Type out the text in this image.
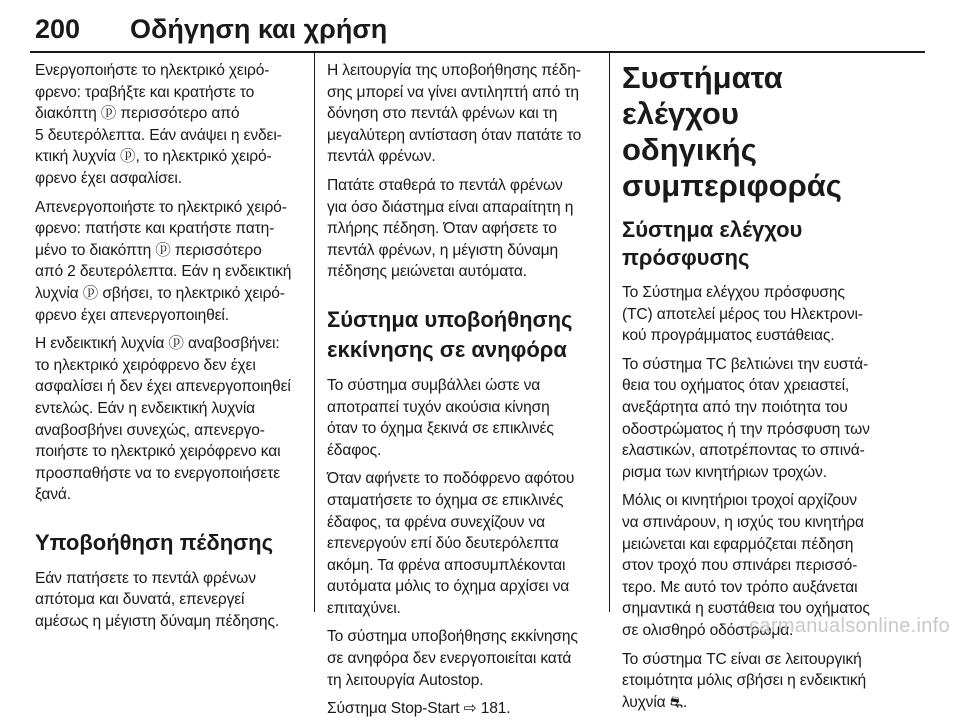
200 Οδήγηση και χρήση

Ενεργοποιήστε το ηλεκτρικό χειρό-
φρενο: τραβήξτε και κρατήστε το
διακόπτη ⓟ περισσότερο από
5 δευτερόλεπτα. Εάν ανάψει η ενδει-
κτική λυχνία ⓟ, το ηλεκτρικό χειρό-
φρενο έχει ασφαλίσει.

Απενεργοποιήστε το ηλεκτρικό χειρό-
φρενο: πατήστε και κρατήστε πατη-
μένο το διακόπτη ⓟ περισσότερο
από 2 δευτερόλεπτα. Εάν η ενδεικτική
λυχνία ⓟ σβήσει, το ηλεκτρικό χειρό-
φρενο έχει απενεργοποιηθεί.

Η ενδεικτική λυχνία ⓟ αναβοσβήνει:
το ηλεκτρικό χειρόφρενο δεν έχει
ασφαλίσει ή δεν έχει απενεργοποιηθεί
εντελώς. Εάν η ενδεικτική λυχνία
αναβοσβήνει συνεχώς, απενεργο-
ποιήστε το ηλεκτρικό χειρόφρενο και
προσπαθήστε να το ενεργοποιήσετε
ξανά.

Υποβοήθηση πέδησης

Εάν πατήσετε το πεντάλ φρένων
απότομα και δυνατά, επενεργεί
αμέσως η μέγιστη δύναμη πέδησης.

Η λειτουργία της υποβοήθησης πέδη-
σης μπορεί να γίνει αντιληπτή από τη
δόνηση στο πεντάλ φρένων και τη
μεγαλύτερη αντίσταση όταν πατάτε το
πεντάλ φρένων.

Πατάτε σταθερά το πεντάλ φρένων
για όσο διάστημα είναι απαραίτητη η
πλήρης πέδηση. Όταν αφήσετε το
πεντάλ φρένων, η μέγιστη δύναμη
πέδησης μειώνεται αυτόματα.

Σύστημα υποβοήθησης
εκκίνησης σε ανηφόρα

Το σύστημα συμβάλλει ώστε να
αποτραπεί τυχόν ακούσια κίνηση
όταν το όχημα ξεκινά σε επικλινές
έδαφος.

Όταν αφήνετε το ποδόφρενο αφότου
σταματήσετε το όχημα σε επικλινές
έδαφος, τα φρένα συνεχίζουν να
επενεργούν επί δύο δευτερόλεπτα
ακόμη. Τα φρένα αποσυμπλέκονται
αυτόματα μόλις το όχημα αρχίσει να
επιταχύνει.

Το σύστημα υποβοήθησης εκκίνησης
σε ανηφόρα δεν ενεργοποιείται κατά
τη λειτουργία Autostop.

Σύστημα Stop-Start ⇨ 181.

Συστήματα ελέγχου
οδηγικής
συμπεριφοράς
Σύστημα ελέγχου
πρόσφυσης

Το Σύστημα ελέγχου πρόσφυσης
(TC) αποτελεί μέρος του Ηλεκτρονι-
κού προγράμματος ευστάθειας.

Το σύστημα TC βελτιώνει την ευστά-
θεια του οχήματος όταν χρειαστεί,
ανεξάρτητα από την ποιότητα του
οδοστρώματος ή την πρόσφυση των
ελαστικών, αποτρέποντας το σπινά-
ρισμα των κινητήριων τροχών.

Μόλις οι κινητήριοι τροχοί αρχίζουν
να σπινάρουν, η ισχύς του κινητήρα
μειώνεται και εφαρμόζεται πέδηση
στον τροχό που σπινάρει περισσό-
τερο. Με αυτό τον τρόπο αυξάνεται
σημαντικά η ευστάθεια του οχήματος
σε ολισθηρό οδόστρωμα.

Το σύστημα TC είναι σε λειτουργική
ετοιμότητα μόλις σβήσει η ενδεικτική
λυχνία ⛐.

carmanualsonline.info
